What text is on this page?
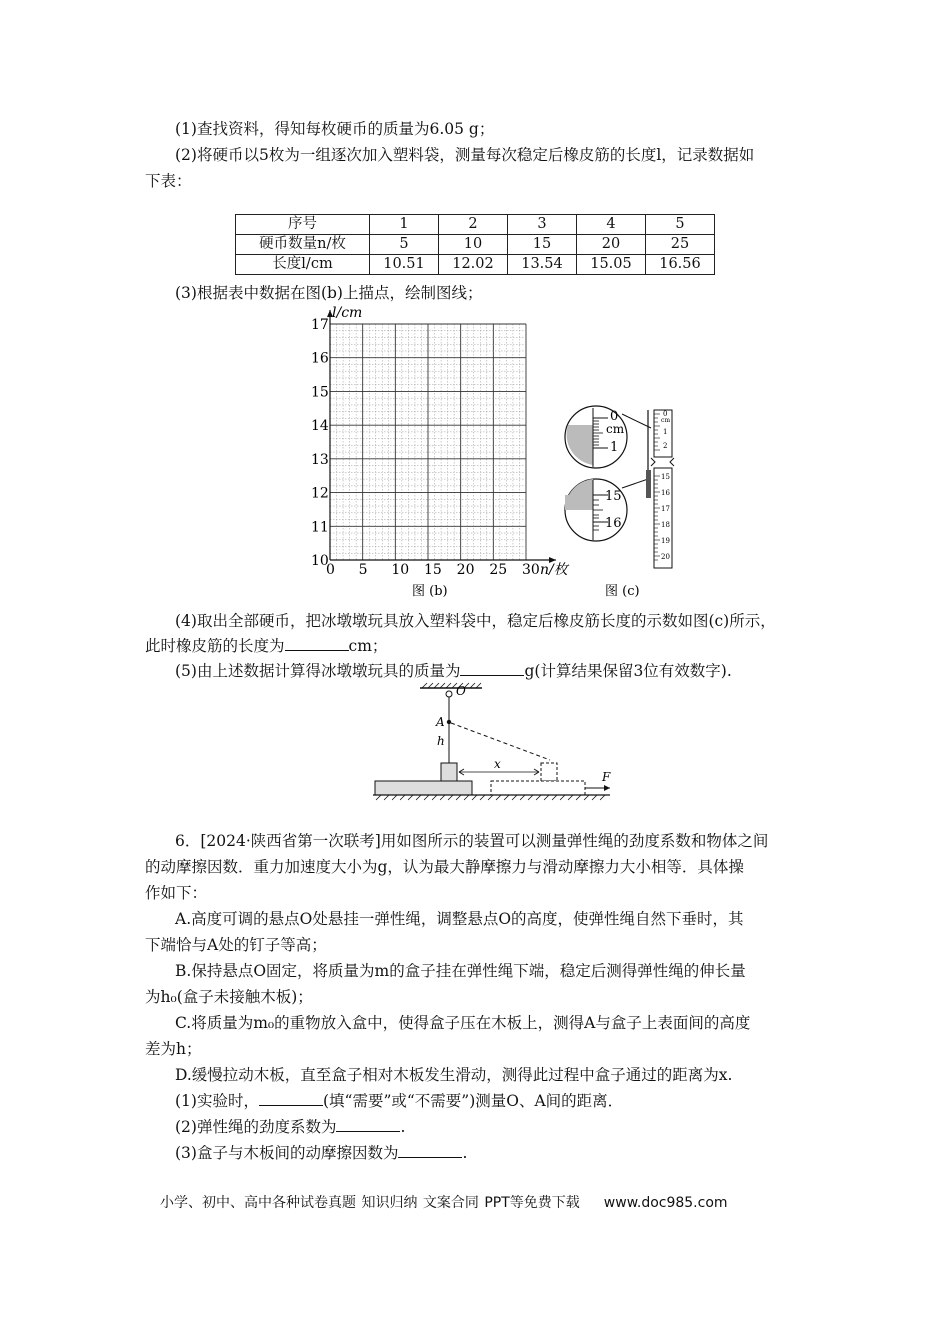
(1)查找资料，得知每枚硬币的质量为6.05 g；
(2)将硬币以5枚为一组逐次加入塑料袋，测量每次稳定后橡皮筋的长度l，记录数据如
下表：
序号	1	2	3	4	5
硬币数量n/枚	5	10	15	20	25
长度l/cm	10.51	12.02	13.54	15.05	16.56
(3)根据表中数据在图(b)上描点，绘制图线；
0 5 10 15 20 25 30
10
11
12
13
14
15
16
17
l/cm
n/枚
图 (b)
0
cm
1
15
16
0
cm
1
2
15
16
17
18
19
20
图 (c)
(4)取出全部硬币，把冰墩墩玩具放入塑料袋中，稳定后橡皮筋长度的示数如图(c)所示，
此时橡皮筋的长度为	cm；
(5)由上述数据计算得冰墩墩玩具的质量为	g(计算结果保留3位有效数字).
O
A
h
x
F
6．[2024·陕西省第一次联考]用如图所示的装置可以测量弹性绳的劲度系数和物体之间
的动摩擦因数．重力加速度大小为g，认为最大静摩擦力与滑动摩擦力大小相等．具体操
作如下：
A.高度可调的悬点O处悬挂一弹性绳，调整悬点O的高度，使弹性绳自然下垂时，其
下端恰与A处的钉子等高；
B.保持悬点O固定，将质量为m的盒子挂在弹性绳下端，稳定后测得弹性绳的伸长量
为h₀(盒子未接触木板)；
C.将质量为m₀的重物放入盒中，使得盒子压在木板上，测得A与盒子上表面间的高度
差为h；
D.缓慢拉动木板，直至盒子相对木板发生滑动，测得此过程中盒子通过的距离为x.
(1)实验时，	(填“需要”或“不需要”)测量O、A间的距离．
(2)弹性绳的劲度系数为	.
(3)盒子与木板间的动摩擦因数为	.
小学、初中、高中各种试卷真题 知识归纳 文案合同 PPT等免费下载 www.doc985.com
